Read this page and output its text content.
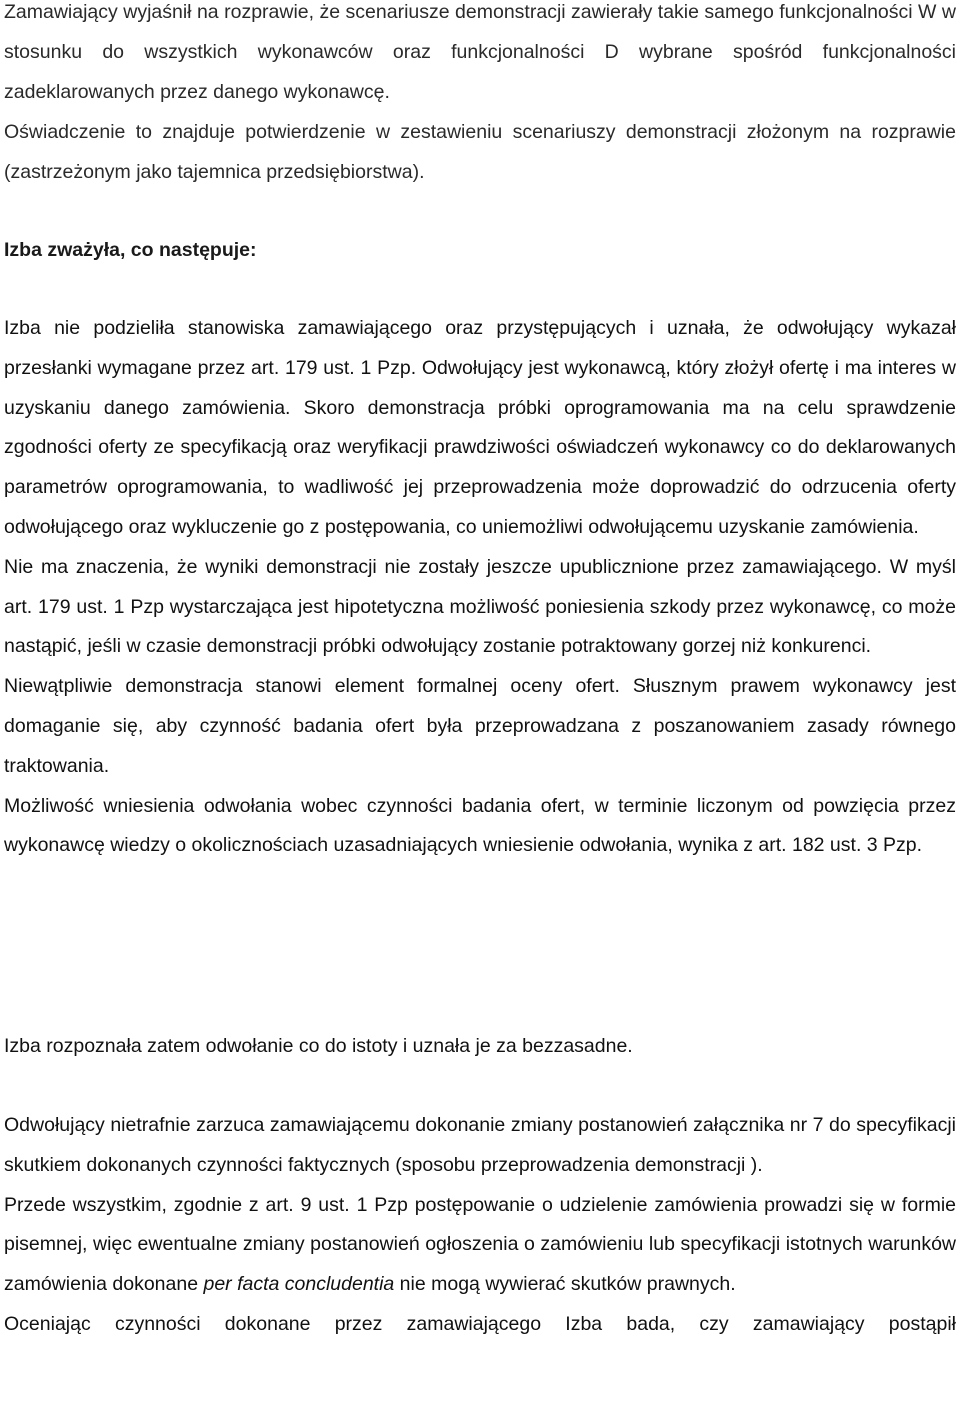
Zamawiający wyjaśnił na rozprawie, że scenariusze demonstracji zawierały takie samego funkcjonalności W w stosunku do wszystkich wykonawców oraz funkcjonalności D wybrane spośród funkcjonalności zadeklarowanych przez danego wykonawcę.

Oświadczenie to znajduje potwierdzenie w zestawieniu scenariuszy demonstracji złożonym na rozprawie (zastrzeżonym jako tajemnica przedsiębiorstwa).

Izba zważyła, co następuje:

Izba nie podzieliła stanowiska zamawiającego oraz przystępujących i uznała, że odwołujący wykazał przesłanki wymagane przez art. 179 ust. 1 Pzp. Odwołujący jest wykonawcą, który złożył ofertę i ma interes w uzyskaniu danego zamówienia. Skoro demonstracja próbki oprogramowania ma na celu sprawdzenie zgodności oferty ze specyfikacją oraz weryfikacji prawdziwości oświadczeń wykonawcy co do deklarowanych parametrów oprogramowania, to wadliwość jej przeprowadzenia może doprowadzić do odrzucenia oferty odwołującego oraz wykluczenie go z postępowania, co uniemożliwi odwołującemu uzyskanie zamówienia.

Nie ma znaczenia, że wyniki demonstracji nie zostały jeszcze upublicznione przez zamawiającego. W myśl art. 179 ust. 1 Pzp wystarczająca jest hipotetyczna możliwość poniesienia szkody przez wykonawcę, co może nastąpić, jeśli w czasie demonstracji próbki odwołujący zostanie potraktowany gorzej niż konkurenci.

Niewątpliwie demonstracja stanowi element formalnej oceny ofert. Słusznym prawem wykonawcy jest domaganie się, aby czynność badania ofert była przeprowadzana z poszanowaniem zasady równego traktowania.

Możliwość wniesienia odwołania wobec czynności badania ofert, w terminie liczonym od powzięcia przez wykonawcę wiedzy o okolicznościach uzasadniających wniesienie odwołania, wynika z art. 182 ust. 3 Pzp.

Izba rozpoznała zatem odwołanie co do istoty i uznała je za bezzasadne.

Odwołujący nietrafnie zarzuca zamawiającemu dokonanie zmiany postanowień załącznika nr 7 do specyfikacji skutkiem dokonanych czynności faktycznych (sposobu przeprowadzenia demonstracji ).

Przede wszystkim, zgodnie z art. 9 ust. 1 Pzp postępowanie o udzielenie zamówienia prowadzi się w formie pisemnej, więc ewentualne zmiany postanowień ogłoszenia o zamówieniu lub specyfikacji istotnych warunków zamówienia dokonane per facta concludentia nie mogą wywierać skutków prawnych.

Oceniając czynności dokonane przez zamawiającego Izba bada, czy zamawiający postąpił
